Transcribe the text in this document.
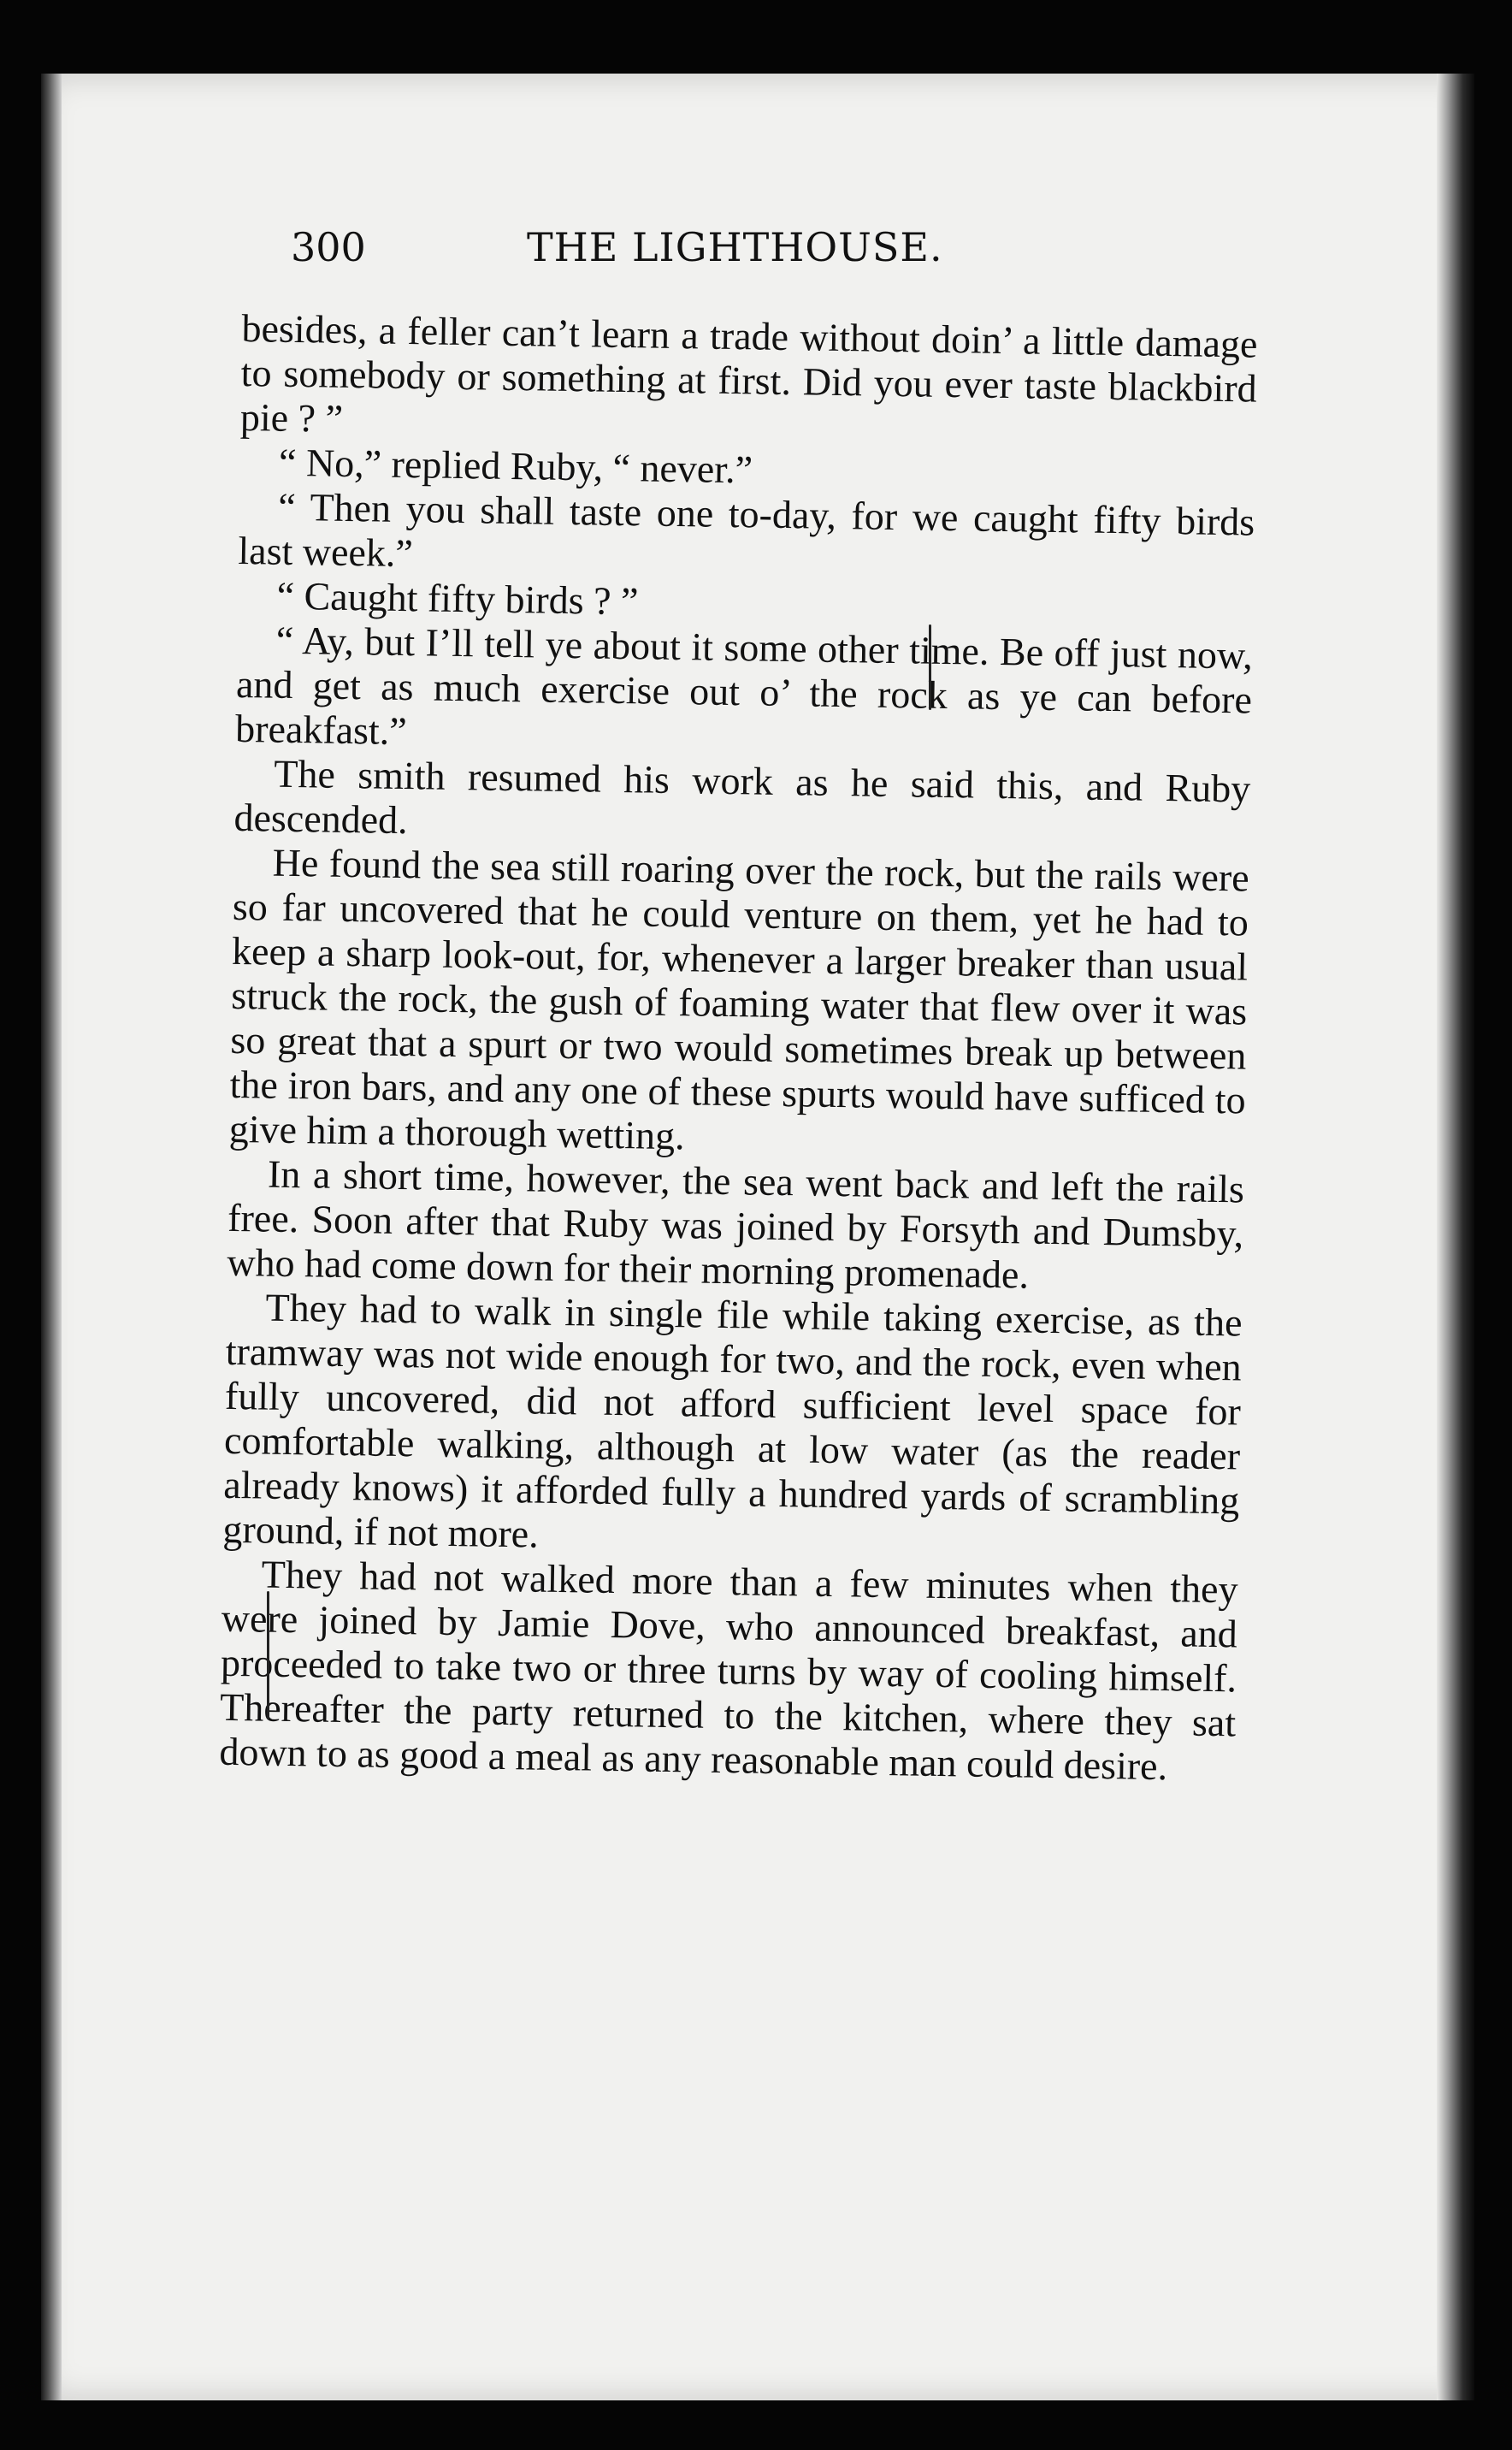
300	THE LIGHTHOUSE.

besides, a feller can’t learn a trade without doin’ a little damage to somebody or something at first. Did you ever taste blackbird pie ? ”

“ No,” replied Ruby, “ never.”

“ Then you shall taste one to-day, for we caught fifty birds last week.”

“ Caught fifty birds ? ”

“ Ay, but I’ll tell ye about it some other time. Be off just now, and get as much exercise out o’ the rock as ye can before breakfast.”

The smith resumed his work as he said this, and Ruby descended.

He found the sea still roaring over the rock, but the rails were so far uncovered that he could venture on them, yet he had to keep a sharp look-out, for, whenever a larger breaker than usual struck the rock, the gush of foaming water that flew over it was so great that a spurt or two would sometimes break up between the iron bars, and any one of these spurts would have sufficed to give him a thorough wetting.

In a short time, however, the sea went back and left the rails free. Soon after that Ruby was joined by Forsyth and Dumsby, who had come down for their morning promenade.

They had to walk in single file while taking exercise, as the tramway was not wide enough for two, and the rock, even when fully uncovered, did not afford sufficient level space for comfortable walking, although at low water (as the reader already knows) it afforded fully a hundred yards of scrambling ground, if not more.

They had not walked more than a few minutes when they were joined by Jamie Dove, who announced breakfast, and proceeded to take two or three turns by way of cooling himself. Thereafter the party returned to the kitchen, where they sat down to as good a meal as any reasonable man could desire.
